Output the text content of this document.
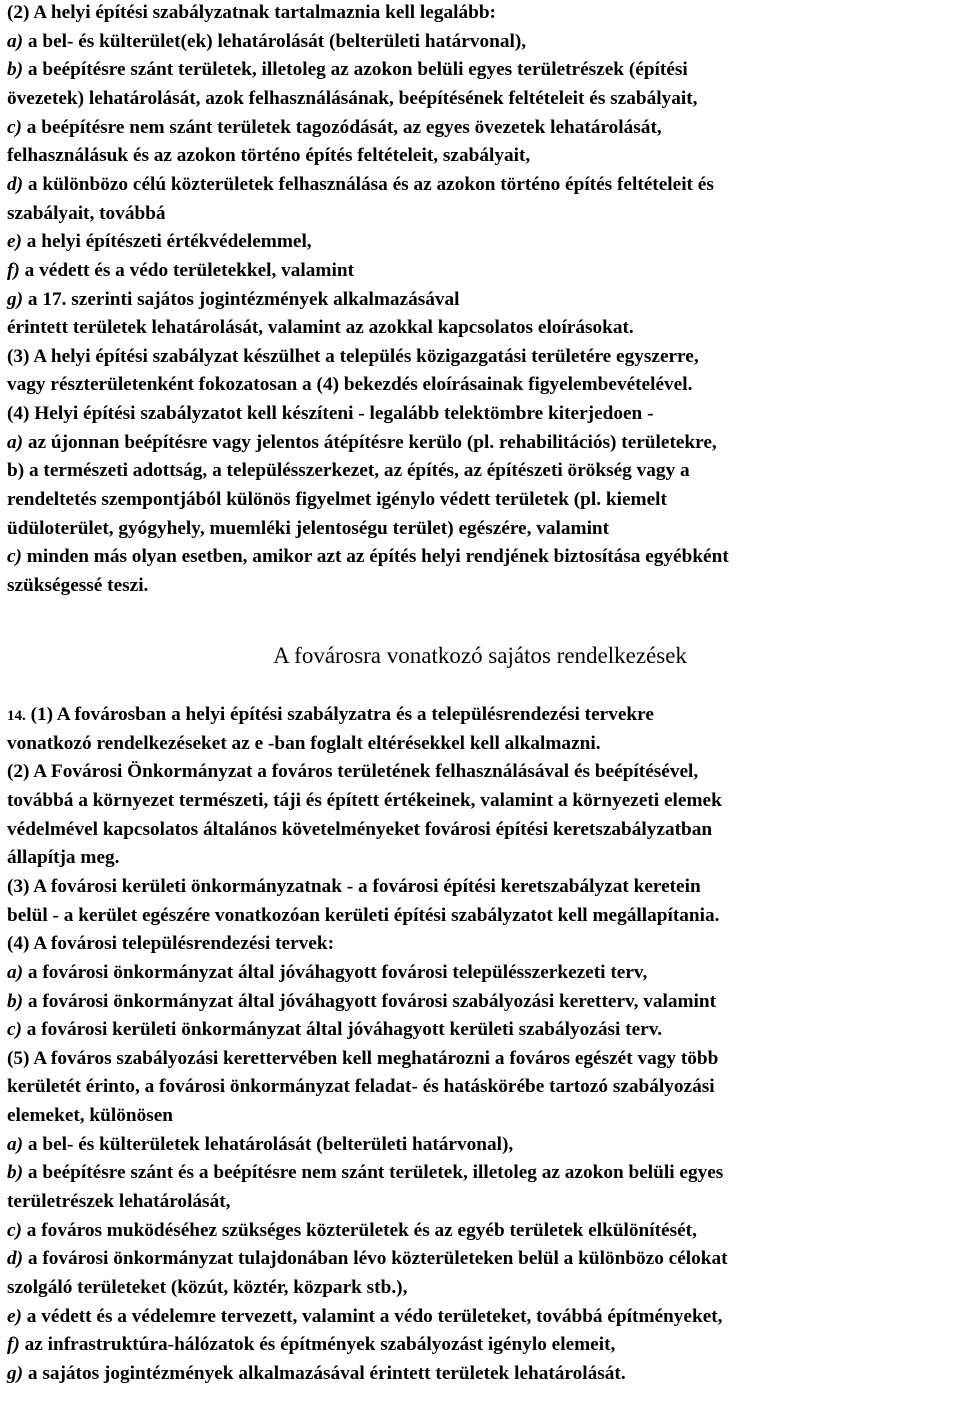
(2) A helyi építési szabályzatnak tartalmaznia kell legalább:
a) a bel- és külterület(ek) lehatárolását (belterületi határvonal),
b) a beépítésre szánt területek, illetoleg az azokon belüli egyes területrészek (építési
övezetek) lehatárolását, azok felhasználásának, beépítésének feltételeit és szabályait,
c) a beépítésre nem szánt területek tagozódását, az egyes övezetek lehatárolását,
felhasználásuk és az azokon történo építés feltételeit, szabályait,
d) a különbözo célú közterületek felhasználása és az azokon történo építés feltételeit és
szabályait, továbbá
e) a helyi építészeti értékvédelemmel,
f) a védett és a védo területekkel, valamint
g) a 17. szerinti sajátos jogintézmények alkalmazásával
érintett területek lehatárolását, valamint az azokkal kapcsolatos eloírásokat.
(3) A helyi építési szabályzat készülhet a település közigazgatási területére egyszerre,
vagy részterületenként fokozatosan a (4) bekezdés eloírásainak figyelembevételével.
(4) Helyi építési szabályzatot kell készíteni - legalább telektömbre kiterjedoen -
a) az újonnan beépítésre vagy jelentos átépítésre kerülo (pl. rehabilitációs) területekre,
b) a természeti adottság, a településszerkezet, az építés, az építészeti örökség vagy a
rendeltetés szempontjából különös figyelmet igénylo védett területek (pl. kiemelt
üdüloterület, gyógyhely, muemléki jelentoségu terület) egészére, valamint
c) minden más olyan esetben, amikor azt az építés helyi rendjének biztosítása egyébként
szükségessé teszi.
A fovárosra vonatkozó sajátos rendelkezések
14. (1) A fovárosban a helyi építési szabályzatra és a településrendezési tervekre
vonatkozó rendelkezéseket az e -ban foglalt eltérésekkel kell alkalmazni.
(2) A Fovárosi Önkormányzat a fováros területének felhasználásával és beépítésével,
továbbá a környezet természeti, táji és épített értékeinek, valamint a környezeti elemek
védelmével kapcsolatos általános követelményeket fovárosi építési keretszabályzatban
állapítja meg.
(3) A fovárosi kerületi önkormányzatnak - a fovárosi építési keretszabályzat keretein
belül - a kerület egészére vonatkozóan kerületi építési szabályzatot kell megállapítania.
(4) A fovárosi településrendezési tervek:
a) a fovárosi önkormányzat által jóváhagyott fovárosi településszerkezeti terv,
b) a fovárosi önkormányzat által jóváhagyott fovárosi szabályozási keretterv, valamint
c) a fovárosi kerületi önkormányzat által jóváhagyott kerületi szabályozási terv.
(5) A fováros szabályozási kerettervében kell meghatározni a fováros egészét vagy több
kerületét érinto, a fovárosi önkormányzat feladat- és hatáskörébe tartozó szabályozási
elemeket, különösen
a) a bel- és külterületek lehatárolását (belterületi határvonal),
b) a beépítésre szánt és a beépítésre nem szánt területek, illetoleg az azokon belüli egyes
területrészek lehatárolását,
c) a fováros muködéséhez szükséges közterületek és az egyéb területek elkülönítését,
d) a fovárosi önkormányzat tulajdonában lévo közterületeken belül a különbözo célokat
szolgáló területeket (közút, köztér, közpark stb.),
e) a védett és a védelemre tervezett, valamint a védo területeket, továbbá építményeket,
f) az infrastruktúra-hálózatok és építmények szabályozást igénylo elemeit,
g) a sajátos jogintézmények alkalmazásával érintett területek lehatárolását.
